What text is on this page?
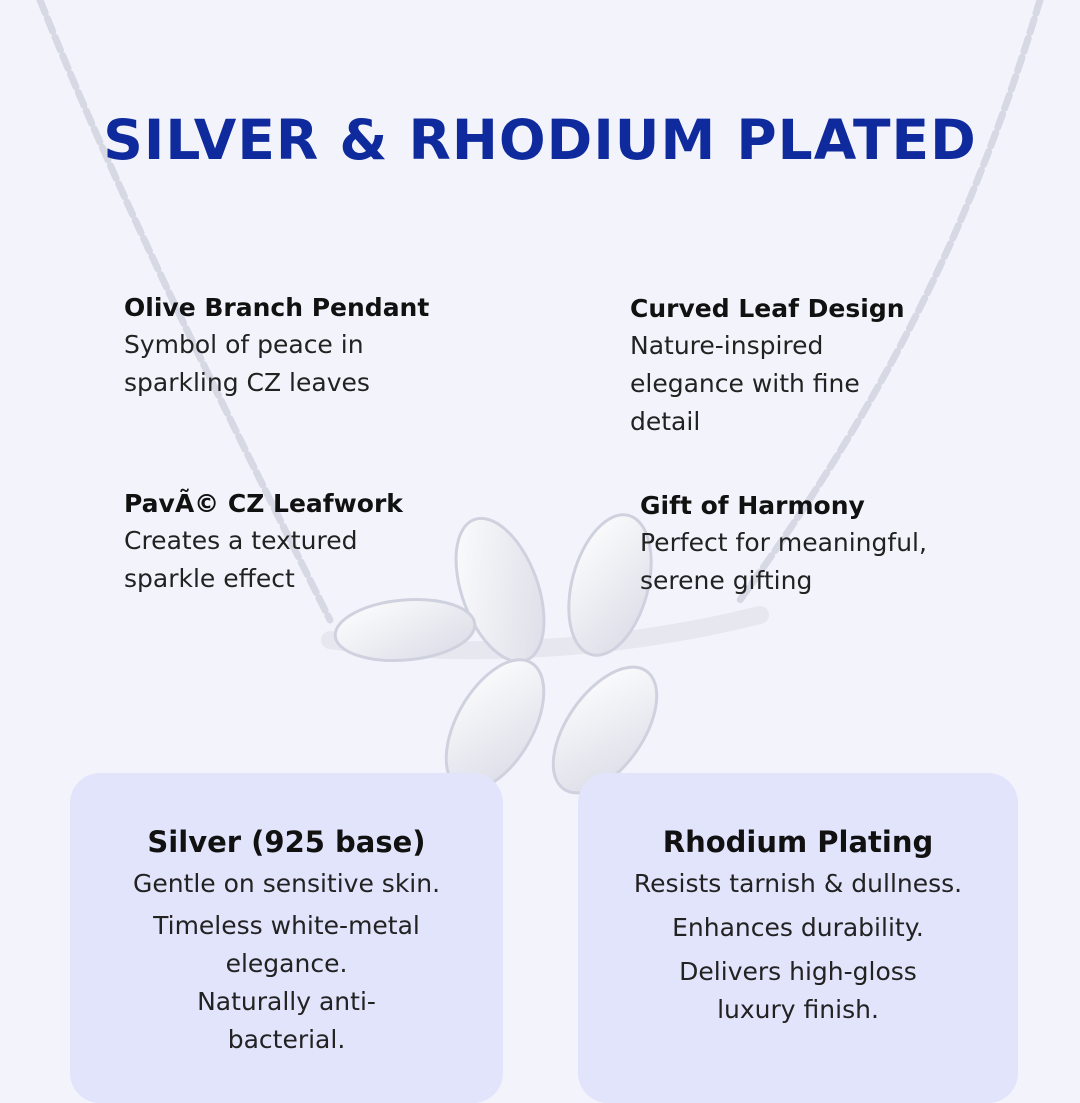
SILVER & RHODIUM PLATED
Olive Branch Pendant
Symbol of peace in sparkling CZ leaves
Curved Leaf Design
Nature-inspired elegance with fine detail
PavÃ© CZ Leafwork
Creates a textured sparkle effect
Gift of Harmony
Perfect for meaningful, serene gifting
Silver (925 base)
Gentle on sensitive skin.
Timeless white-metal elegance.
Naturally anti-bacterial.
Rhodium Plating
Resists tarnish & dullness.
Enhances durability.
Delivers high-gloss luxury finish.
